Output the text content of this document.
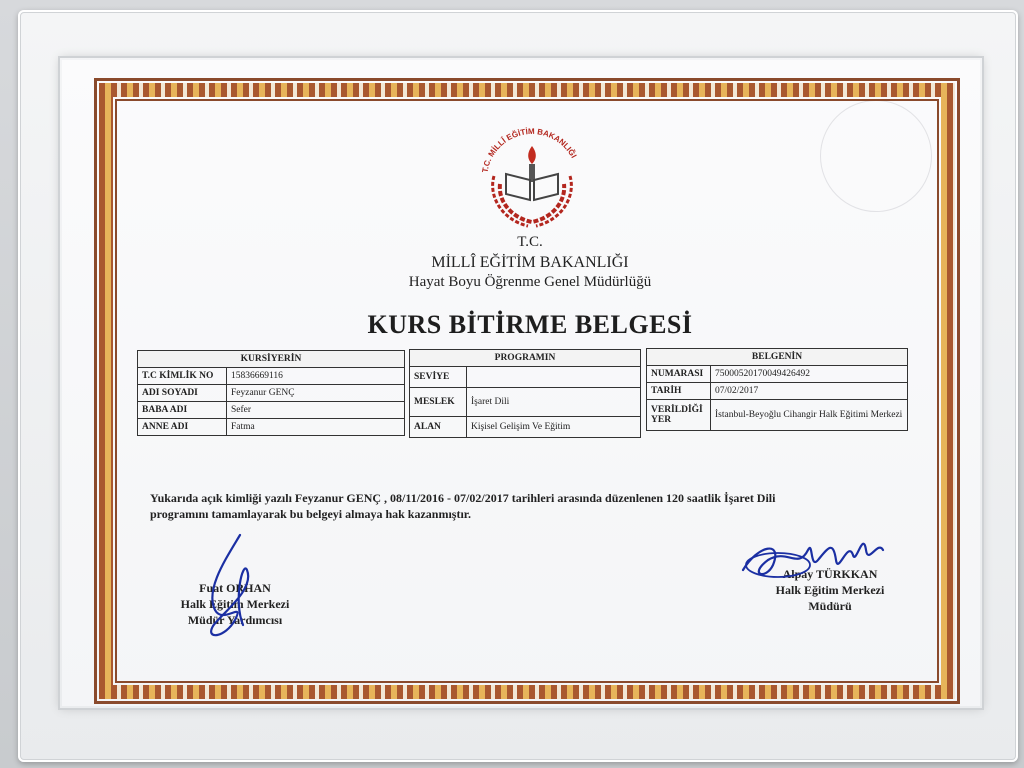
T.C. MİLLÎ EĞİTİM BAKANLIĞI
T.C.
MİLLÎ EĞİTİM BAKANLIĞI
Hayat Boyu Öğrenme Genel Müdürlüğü
KURS BİTİRME BELGESİ
KURSİYERİN	
T.C KİMLİK NO	15836669116
ADI SOYADI	Feyzanur GENÇ
BABA ADI	Sefer
ANNE ADI	Fatma
PROGRAMIN	
SEVİYE	
MESLEK	İşaret Dili
ALAN	Kişisel Gelişim Ve Eğitim
BELGENİN	
NUMARASI	75000520170049426492
TARİH	07/02/2017
VERİLDİĞİ YER	İstanbul-Beyoğlu Cihangir Halk Eğitimi Merkezi
Yukarıda açık kimliği yazılı Feyzanur GENÇ , 08/11/2016 - 07/02/2017 tarihleri arasında düzenlenen 120 saatlik İşaret Dili
programını tamamlayarak bu belgeyi almaya hak kazanmıştır.
Fuat ORHAN
Halk Eğitim Merkezi
Müdür Yardımcısı
Alpay TÜRKKAN
Halk Eğitim Merkezi
Müdürü
